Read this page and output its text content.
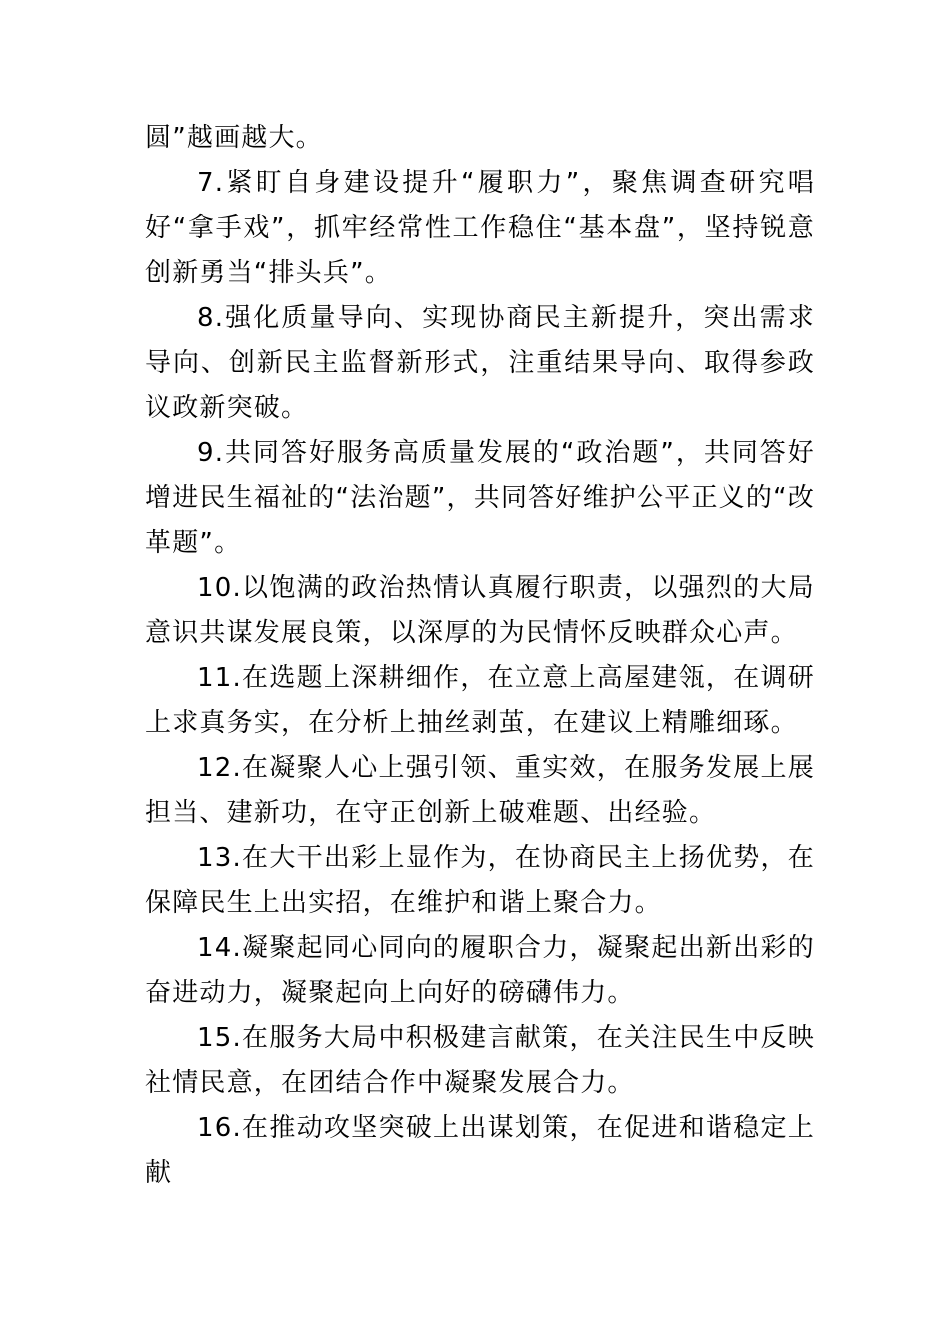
圆”越画越大。

7.紧盯自身建设提升“履职力”，聚焦调查研究唱好“拿手戏”，抓牢经常性工作稳住“基本盘”，坚持锐意创新勇当“排头兵”。

8.强化质量导向、实现协商民主新提升，突出需求导向、创新民主监督新形式，注重结果导向、取得参政议政新突破。

9.共同答好服务高质量发展的“政治题”，共同答好增进民生福祉的“法治题”，共同答好维护公平正义的“改革题”。

10.以饱满的政治热情认真履行职责，以强烈的大局意识共谋发展良策，以深厚的为民情怀反映群众心声。

11.在选题上深耕细作，在立意上高屋建瓴，在调研上求真务实，在分析上抽丝剥茧，在建议上精雕细琢。

12.在凝聚人心上强引领、重实效，在服务发展上展担当、建新功，在守正创新上破难题、出经验。

13.在大干出彩上显作为，在协商民主上扬优势，在保障民生上出实招，在维护和谐上聚合力。

14.凝聚起同心同向的履职合力，凝聚起出新出彩的奋进动力，凝聚起向上向好的磅礴伟力。

15.在服务大局中积极建言献策，在关注民生中反映社情民意，在团结合作中凝聚发展合力。

16.在推动攻坚突破上出谋划策，在促进和谐稳定上献
